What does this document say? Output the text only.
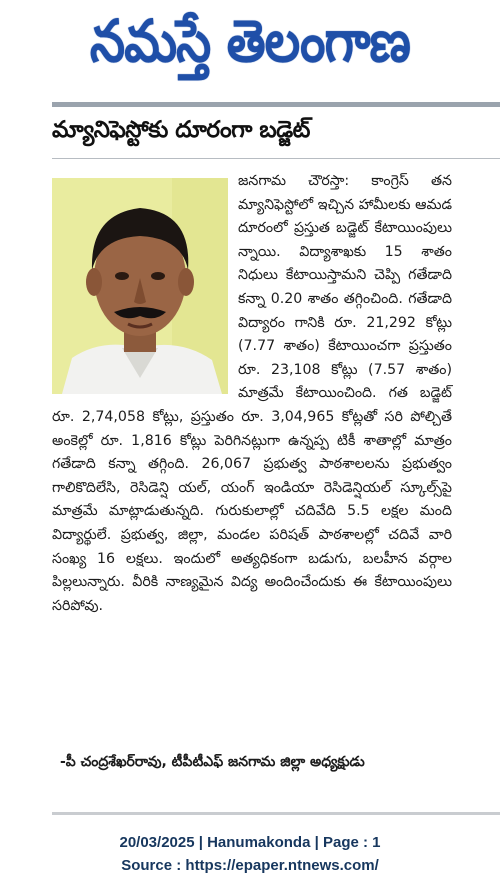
నమస్తే తెలంగాణ
మ్యానిఫెస్టోకు దూరంగా బడ్జెట్

జనగామ చౌరస్తా: కాంగ్రెస్ తన మ్యానిఫెస్టోలో ఇచ్చిన హామీలకు ఆమడ దూరంలో ప్రస్తుత బడ్జెట్ కేటాయింపులు న్నాయి. విద్యాశాఖకు 15 శాతం నిధులు కేటాయిస్తామని చెప్పి గతేడాది కన్నా 0.20 శాతం తగ్గించింది. గతేడాది విద్యారం గానికి రూ. 21,292 కోట్లు (7.77 శాతం) కేటాయించగా ప్రస్తుతం రూ. 23,108 కోట్లు (7.57 శాతం) మాత్రమే కేటాయించింది. గత బడ్జెట్ రూ. 2,74,058 కోట్లు, ప్రస్తుతం రూ. 3,04,965 కోట్లతో సరి పోల్చితే అంకెల్లో రూ. 1,816 కోట్లు పెరిగినట్లుగా ఉన్నప్ప టికీ శాతాల్లో మాత్రం గతేడాది కన్నా తగ్గింది. 26,067 ప్రభుత్వ పాఠశాలలను ప్రభుత్వం గాలికొదిలేసి, రెసిడెన్షి యల్, యంగ్ ఇండియా రెసిడెన్షియల్ స్కూల్స్‌పై మాత్రమే మాట్లాడుతున్నది. గురుకులాల్లో చదివేది 5.5 లక్షల మంది విద్యార్థులే. ప్రభుత్వ, జిల్లా, మండల పరిషత్ పాఠశాలల్లో చదివే వారి సంఖ్య 16 లక్షలు. ఇందులో అత్యధికంగా బడుగు, బలహీన వర్గాల పిల్లలున్నారు. వీరికి నాణ్యమైన విద్య అందించేందుకు ఈ కేటాయింపులు సరిపోవు.

-పీ చంద్రశేఖర్‌రావు, టీపీటీఎఫ్ జనగామ జిల్లా అధ్యక్షుడు
20/03/2025 | Hanumakonda | Page : 1
Source : https://epaper.ntnews.com/
